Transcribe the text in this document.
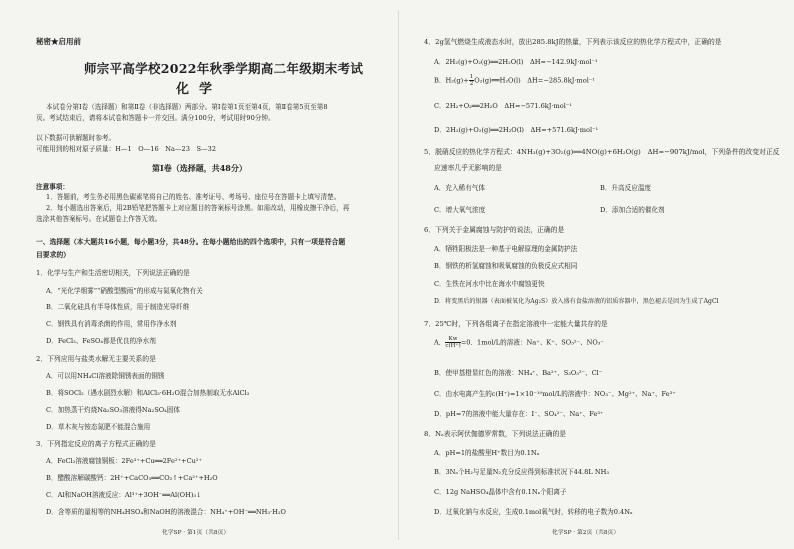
秘密★启用前
师宗平高学校2022年秋季学期高二年级期末考试
化学
本试卷分第Ⅰ卷（选择题）和第Ⅱ卷（非选择题）两部分。第Ⅰ卷第1页至第4页，第Ⅱ卷第5页至第8
页。考试结束后，请将本试卷和答题卡一并交回。满分100分，考试用时90分钟。
以下数据可供解题时参考。
可能用到的相对原子质量：H—1　O—16　Na—23　S—32
第Ⅰ卷（选择题，共48分）
注意事项：
1．答题前，考生务必用黑色碳素笔将自己的姓名、准考证号、考场号、座位号在答题卡上填写清楚。
2．每小题选出答案后，用2B铅笔把答题卡上对应题目的答案标号涂黑。如需改动，用橡皮擦干净后，再
选涂其他答案标号。在试题卷上作答无效。
一、选择题（本大题共16小题，每小题3分，共48分。在每小题给出的四个选项中，只有一项是符合题
目要求的）
1．化学与生产和生活密切相关，下列说法正确的是
A．“光化学烟雾”“硝酸型酸雨”的形成与氮氧化物有关
B．二氧化硅具有半导体性质，用于制造光导纤维
C．钢铁具有消毒杀菌的作用，常用作净水剂
D．FeCl₃、FeSO₄都是优良的净水剂
2．下列应用与盐类水解无主要关系的是
A．可以用NH₄Cl溶液除铜锈表面的铜锈
B．将SOCl₂（遇水剧烈水解）和AlCl₃·6H₂O混合加热制取无水AlCl₃
C．加热蒸干灼烧Na₂SO₃溶液得Na₂SO₄固体
D．草木灰与铵态氮肥不能混合施用
3．下列指定反应的离子方程式正确的是
A．FeCl₃溶液腐蚀铜板：2Fe³⁺+Cu══2Fe²⁺+Cu²⁺
B．醋酸溶解碳酸钙：2H⁺+CaCO₃══CO₂↑+Ca²⁺+H₂O
C．Al和NaOH溶液反应：Al³⁺+3OH⁻══Al(OH)₃↓
D．含等质的量相等的NH₄HSO₄和NaOH的溶液混合：NH₄⁺+OH⁻══NH₃·H₂O
化学SP · 第1页（共8页）
4．2g氢气燃烧生成液态水时，放出285.8kJ的热量，下列表示该反应的热化学方程式中，正确的是
A．2H₂(g)+O₂(g)══2H₂O(l)　ΔH=−142.9kJ·mol⁻¹
B．$H_2(g)+ \frac{1}{2}$ O₂(g)══H₂O(l)　ΔH=−285.8kJ·mol⁻¹
C．2H₂+O₂══2H₂O　ΔH=−571.6kJ·mol⁻¹
D．2H₂(g)+O₂(g)══2H₂O(l)　ΔH=+571.6kJ·mol⁻¹
5．脱硝反应的热化学方程式：4NH₃(g)+3O₂(g)══4NO(g)+6H₂O(g)　ΔH=−907kJ/mol，下列条件的改变对正反
应速率几乎无影响的是
A．充入稀有气体	B．升高反应温度
C．增大氧气浓度	D．添加合适的催化剂
6．下列关于金属腐蚀与防护的说法，正确的是
A．牺牲阳极法是一种基于电解原理的金属防护法
B．钢铁的析氢腐蚀和吸氧腐蚀的负极反应式相同
C．生铁在河水中比在海水中腐蚀更快
D．将变黑后的银器（表面被氧化为Ag₂S）放入盛有食盐溶液的铝质容器中，黑色褪去是因为生成了AgCl
7．25℃时，下列各组离子在指定溶液中一定能大量共存的是
A． $\frac{Kw}{c(H^+)} =0$．1mol/L的溶液：Na⁺、K⁺、SO₃²⁻、NO₃⁻
B．使甲基橙显红色的溶液：NH₄⁺、Ba²⁺、S₂O₃²⁻、Cl⁻
C．由水电离产生的c(H⁺)=1×10⁻¹⁰mol/L的溶液中：NO₃⁻、Mg²⁺、Na⁺、Fe³⁺
D．pH=7的溶液中能大量存在：I⁻、SO₄²⁻、Na⁺、Fe³⁺
8．Nₐ表示阿伏伽德罗常数，下列说法正确的是
A．pH=1的盐酸里H⁺数目为0.1Nₐ
B．3Nₐ个H₂与足量N₂充分反应得到标准状况下44.8L NH₃
C．12g NaHSO₄晶体中含有0.1Nₐ个阳离子
D．过氧化钠与水反应，生成0.1mol氧气时，转移的电子数为0.4Nₐ
化学SP · 第2页（共8页）
